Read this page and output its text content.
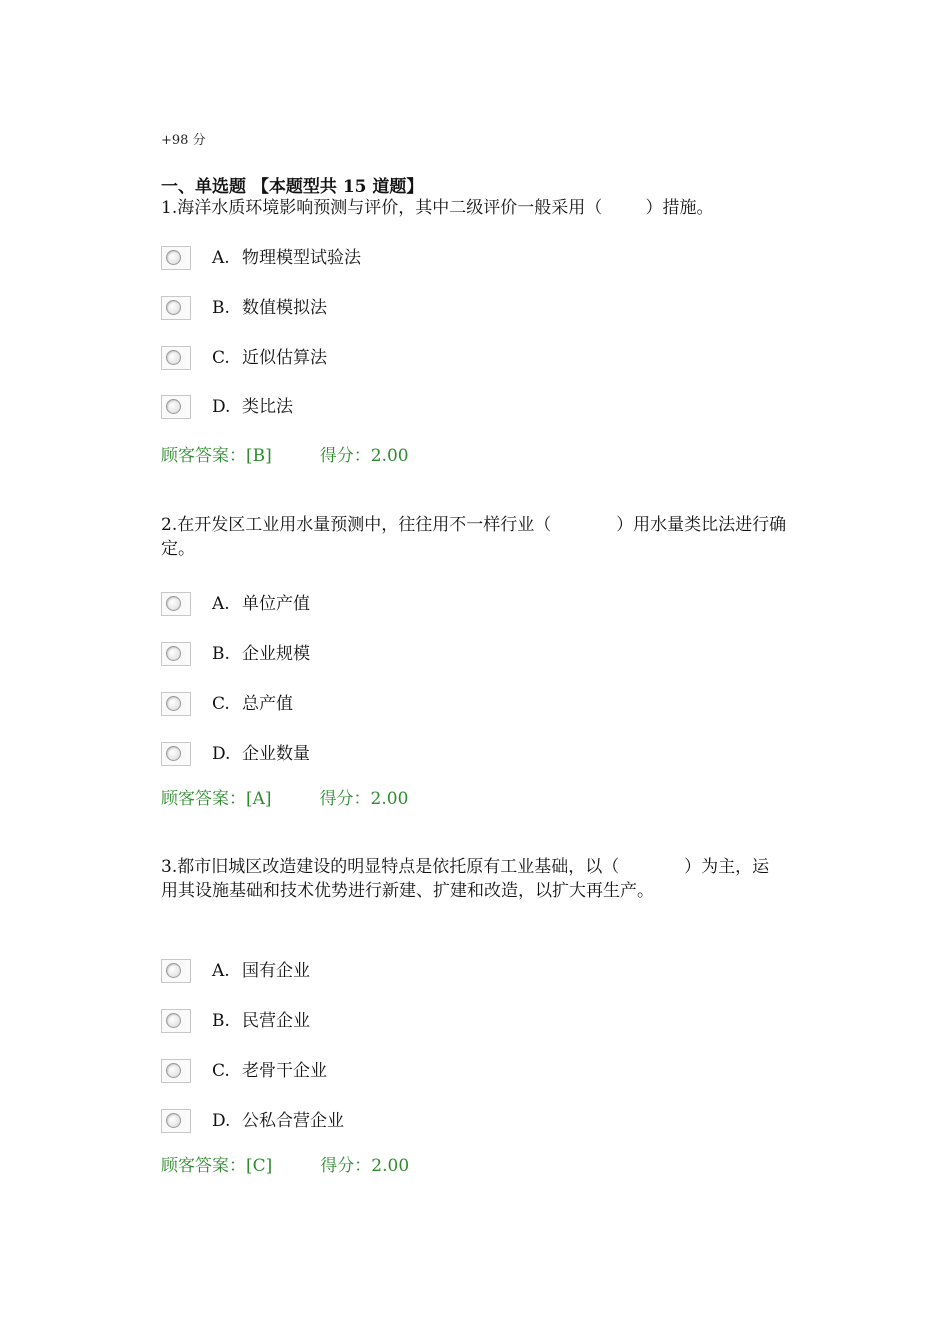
+98 分
一、单选题 【本题型共 15 道题】

1.海洋水质环境影响预测与评价，其中二级评价一般采用（        ）措施。

A. 物理模型试验法
B. 数值模拟法
C. 近似估算法
D. 类比法
顾客答案：[B]	得分：2.00

2.在开发区工业用水量预测中，往往用不一样行业（            ）用水量类比法进行确定。

A. 单位产值
B. 企业规模
C. 总产值
D. 企业数量
顾客答案：[A]	得分：2.00

3.都市旧城区改造建设的明显特点是依托原有工业基础，以（            ）为主，运用其设施基础和技术优势进行新建、扩建和改造，以扩大再生产。

A. 国有企业
B. 民营企业
C. 老骨干企业
D. 公私合营企业
顾客答案：[C]	得分：2.00
